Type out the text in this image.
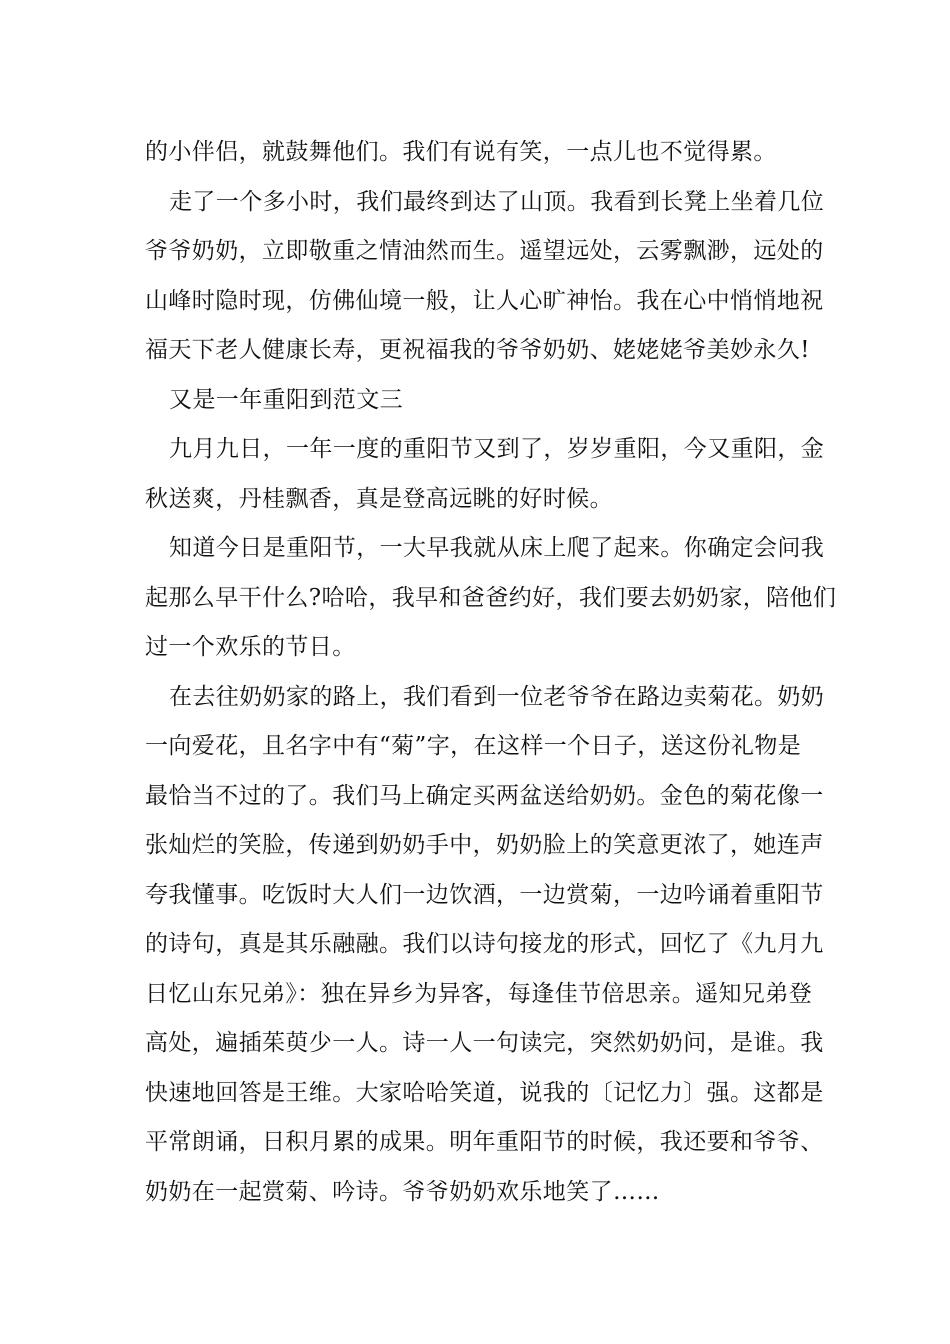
的小伴侣，就鼓舞他们。我们有说有笑，一点儿也不觉得累。
走了一个多小时，我们最终到达了山顶。我看到长凳上坐着几位
爷爷奶奶，立即敬重之情油然而生。遥望远处，云雾飘渺，远处的
山峰时隐时现，仿佛仙境一般，让人心旷神怡。我在心中悄悄地祝
福天下老人健康长寿，更祝福我的爷爷奶奶、姥姥姥爷美妙永久!
又是一年重阳到范文三
九月九日，一年一度的重阳节又到了，岁岁重阳，今又重阳，金
秋送爽，丹桂飘香，真是登高远眺的好时候。
知道今日是重阳节，一大早我就从床上爬了起来。你确定会问我
起那么早干什么?哈哈，我早和爸爸约好，我们要去奶奶家，陪他们
过一个欢乐的节日。
在去往奶奶家的路上，我们看到一位老爷爷在路边卖菊花。奶奶
一向爱花，且名字中有“菊”字，在这样一个日子，送这份礼物是
最恰当不过的了。我们马上确定买两盆送给奶奶。金色的菊花像一
张灿烂的笑脸，传递到奶奶手中，奶奶脸上的笑意更浓了，她连声
夸我懂事。吃饭时大人们一边饮酒，一边赏菊，一边吟诵着重阳节
的诗句，真是其乐融融。我们以诗句接龙的形式，回忆了《九月九
日忆山东兄弟》：独在异乡为异客，每逢佳节倍思亲。遥知兄弟登
高处，遍插茱萸少一人。诗一人一句读完，突然奶奶问，是谁。我
快速地回答是王维。大家哈哈笑道，说我的〔记忆力〕强。这都是
平常朗诵，日积月累的成果。明年重阳节的时候，我还要和爷爷、
奶奶在一起赏菊、吟诗。爷爷奶奶欢乐地笑了……
